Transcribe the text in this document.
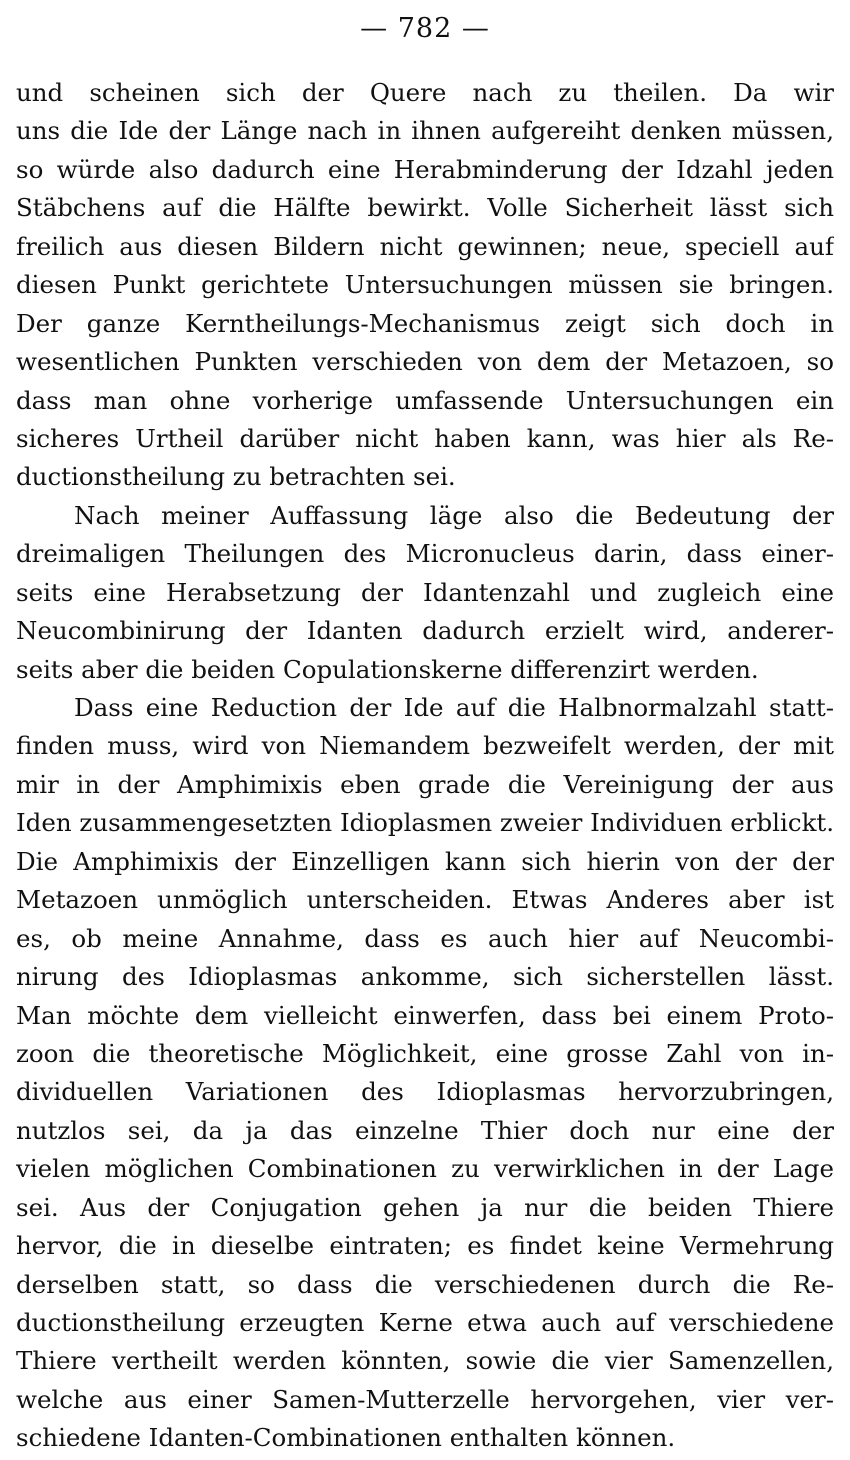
— 782 —
und scheinen sich der Quere nach zu theilen. Da wir
uns die Ide der Länge nach in ihnen aufgereiht denken müssen,
so würde also dadurch eine Herabminderung der Idzahl jeden
Stäbchens auf die Hälfte bewirkt. Volle Sicherheit lässt sich
freilich aus diesen Bildern nicht gewinnen; neue, speciell auf
diesen Punkt gerichtete Untersuchungen müssen sie bringen.
Der ganze Kerntheilungs-Mechanismus zeigt sich doch in
wesentlichen Punkten verschieden von dem der Metazoen, so
dass man ohne vorherige umfassende Untersuchungen ein
sicheres Urtheil darüber nicht haben kann, was hier als Re-
ductionstheilung zu betrachten sei.
Nach meiner Auffassung läge also die Bedeutung der
dreimaligen Theilungen des Micronucleus darin, dass einer-
seits eine Herabsetzung der Idantenzahl und zugleich eine
Neucombinirung der Idanten dadurch erzielt wird, anderer-
seits aber die beiden Copulationskerne differenzirt werden.
Dass eine Reduction der Ide auf die Halbnormalzahl statt-
finden muss, wird von Niemandem bezweifelt werden, der mit
mir in der Amphimixis eben grade die Vereinigung der aus
Iden zusammengesetzten Idioplasmen zweier Individuen erblickt.
Die Amphimixis der Einzelligen kann sich hierin von der der
Metazoen unmöglich unterscheiden. Etwas Anderes aber ist
es, ob meine Annahme, dass es auch hier auf Neucombi-
nirung des Idioplasmas ankomme, sich sicherstellen lässt.
Man möchte dem vielleicht einwerfen, dass bei einem Proto-
zoon die theoretische Möglichkeit, eine grosse Zahl von in-
dividuellen Variationen des Idioplasmas hervorzubringen,
nutzlos sei, da ja das einzelne Thier doch nur eine der
vielen möglichen Combinationen zu verwirklichen in der Lage
sei. Aus der Conjugation gehen ja nur die beiden Thiere
hervor, die in dieselbe eintraten; es findet keine Vermehrung
derselben statt, so dass die verschiedenen durch die Re-
ductionstheilung erzeugten Kerne etwa auch auf verschiedene
Thiere vertheilt werden könnten, sowie die vier Samenzellen,
welche aus einer Samen-Mutterzelle hervorgehen, vier ver-
schiedene Idanten-Combinationen enthalten können.
